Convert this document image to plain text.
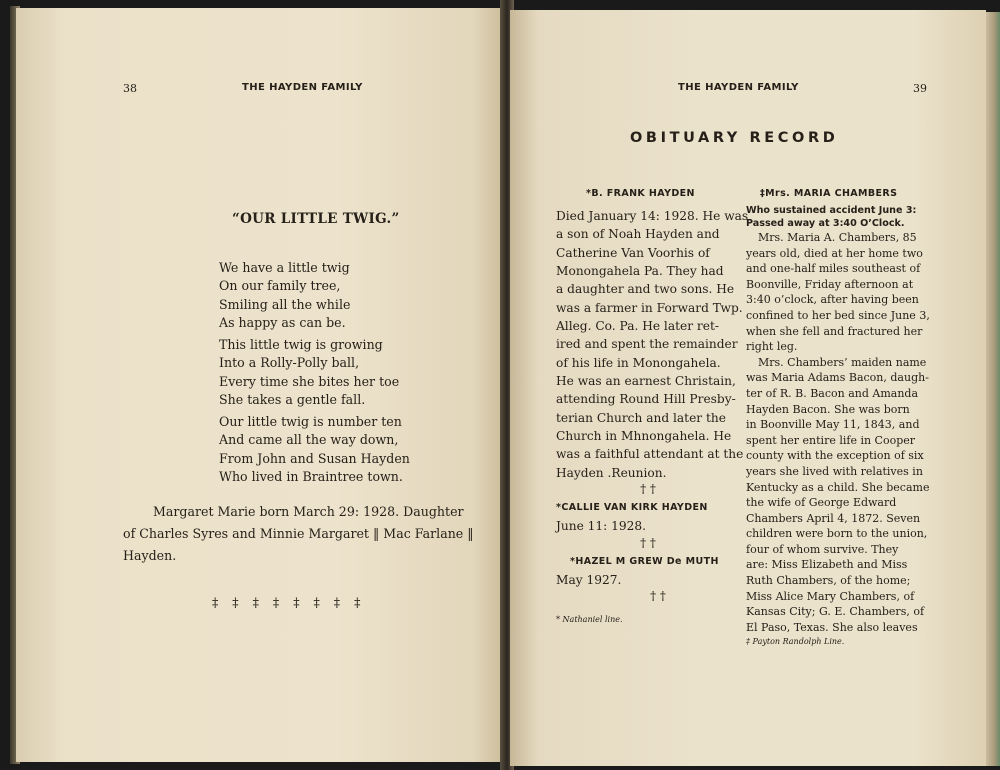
38	THE HAYDEN FAMILY
“OUR LITTLE TWIG.”
We have a little twig
On our family tree,
Smiling all the while
As happy as can be.
This little twig is growing
Into a Rolly-Polly ball,
Every time she bites her toe
She takes a gentle fall.
Our little twig is number ten
And came all the way down,
From John and Susan Hayden
Who lived in Braintree town.
Margaret Marie born March 29: 1928. Daughter
of Charles Syres and Minnie Margaret ‖ Mac Farlane ‖
Hayden.
‡ ‡ ‡ ‡ ‡ ‡ ‡ ‡
THE HAYDEN FAMILY	39
OBITUARY RECORD
*B. FRANK HAYDEN
Died January 14: 1928. He was
a son of Noah Hayden and
Catherine Van Voorhis of
Monongahela Pa. They had
a daughter and two sons. He
was a farmer in Forward Twp.
Alleg. Co. Pa. He later ret-
ired and spent the remainder
of his life in Monongahela.
He was an earnest Christain,
attending Round Hill Presby-
terian Church and later the
Church in Mhnongahela. He
was a faithful attendant at the
Hayden .Reunion.
† †
*CALLIE VAN KIRK HAYDEN
June 11: 1928.
† †
*HAZEL M GREW De MUTH
May 1927.
† †
* Nathaniel line.
‡Mrs. MARIA CHAMBERS
Who sustained accident June 3:
Passed away at 3:40 O’Clock.
Mrs. Maria A. Chambers, 85
years old, died at her home two
and one-half miles southeast of
Boonville, Friday afternoon at
3:40 o’clock, after having been
confined to her bed since June 3,
when she fell and fractured her
right leg.
Mrs. Chambers’ maiden name
was Maria Adams Bacon, daugh-
ter of R. B. Bacon and Amanda
Hayden Bacon. She was born
in Boonville May 11, 1843, and
spent her entire life in Cooper
county with the exception of six
years she lived with relatives in
Kentucky as a child. She became
the wife of George Edward
Chambers April 4, 1872. Seven
children were born to the union,
four of whom survive. They
are: Miss Elizabeth and Miss
Ruth Chambers, of the home;
Miss Alice Mary Chambers, of
Kansas City; G. E. Chambers, of
El Paso, Texas. She also leaves
‡ Payton Randolph Line.
